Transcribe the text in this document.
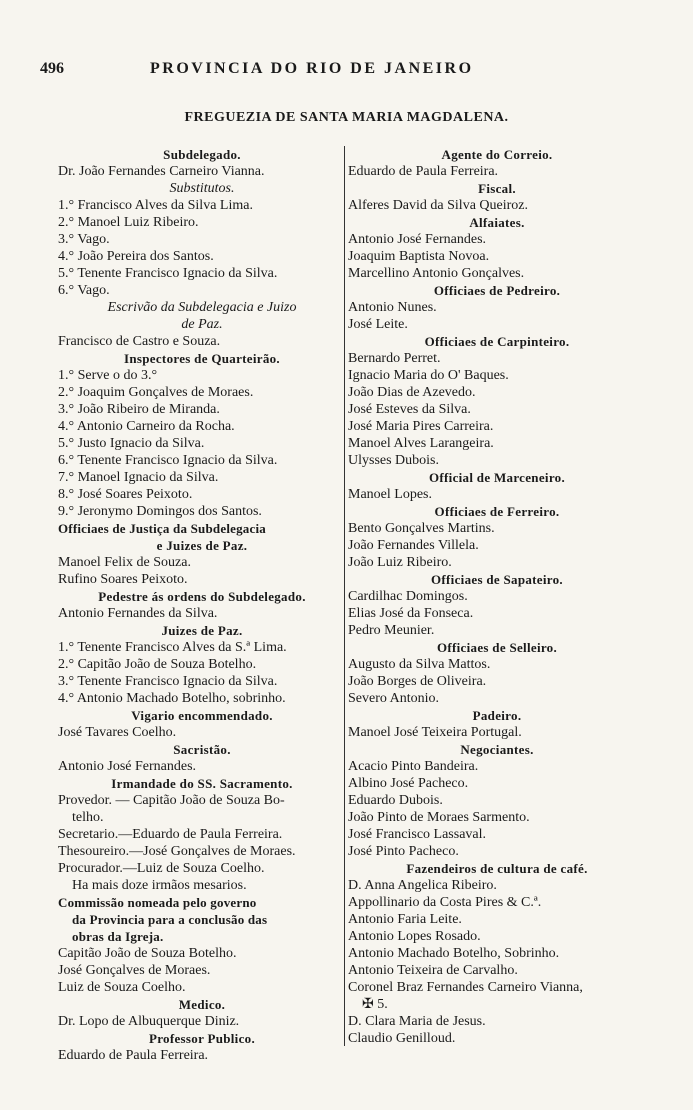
496	PROVINCIA DO RIO DE JANEIRO
FREGUEZIA DE SANTA MARIA MAGDALENA.
Subdelegado.
Dr. João Fernandes Carneiro Vianna.
Substitutos.
1.° Francisco Alves da Silva Lima.
2.° Manoel Luiz Ribeiro.
3.° Vago.
4.° João Pereira dos Santos.
5.° Tenente Francisco Ignacio da Silva.
6.° Vago.
Escrivão da Subdelegacia e Juizo
de Paz.
Francisco de Castro e Souza.
Inspectores de Quarteirão.
1.° Serve o do 3.°
2.° Joaquim Gonçalves de Moraes.
3.° João Ribeiro de Miranda.
4.° Antonio Carneiro da Rocha.
5.° Justo Ignacio da Silva.
6.° Tenente Francisco Ignacio da Silva.
7.° Manoel Ignacio da Silva.
8.° José Soares Peixoto.
9.° Jeronymo Domingos dos Santos.
Officiaes de Justiça da Subdelegacia
e Juizes de Paz.
Manoel Felix de Souza.
Rufino Soares Peixoto.
Pedestre ás ordens do Subdelegado.
Antonio Fernandes da Silva.
Juizes de Paz.
1.° Tenente Francisco Alves da S.ª Lima.
2.° Capitão João de Souza Botelho.
3.° Tenente Francisco Ignacio da Silva.
4.° Antonio Machado Botelho, sobrinho.
Vigario encommendado.
José Tavares Coelho.
Sacristão.
Antonio José Fernandes.
Irmandade do SS. Sacramento.
Provedor. — Capitão João de Souza Bo-
telho.
Secretario.—Eduardo de Paula Ferreira.
Thesoureiro.—José Gonçalves de Moraes.
Procurador.—Luiz de Souza Coelho.
Ha mais doze irmãos mesarios.
Commissão nomeada pelo governo
da Provincia para a conclusão das
obras da Igreja.
Capitão João de Souza Botelho.
José Gonçalves de Moraes.
Luiz de Souza Coelho.
Medico.
Dr. Lopo de Albuquerque Diniz.
Professor Publico.
Eduardo de Paula Ferreira.
Agente do Correio.
Eduardo de Paula Ferreira.
Fiscal.
Alferes David da Silva Queiroz.
Alfaiates.
Antonio José Fernandes.
Joaquim Baptista Novoa.
Marcellino Antonio Gonçalves.
Officiaes de Pedreiro.
Antonio Nunes.
José Leite.
Officiaes de Carpinteiro.
Bernardo Perret.
Ignacio Maria do O' Baques.
João Dias de Azevedo.
José Esteves da Silva.
José Maria Pires Carreira.
Manoel Alves Larangeira.
Ulysses Dubois.
Official de Marceneiro.
Manoel Lopes.
Officiaes de Ferreiro.
Bento Gonçalves Martins.
João Fernandes Villela.
João Luiz Ribeiro.
Officiaes de Sapateiro.
Cardilhac Domingos.
Elias José da Fonseca.
Pedro Meunier.
Officiaes de Selleiro.
Augusto da Silva Mattos.
João Borges de Oliveira.
Severo Antonio.
Padeiro.
Manoel José Teixeira Portugal.
Negociantes.
Acacio Pinto Bandeira.
Albino José Pacheco.
Eduardo Dubois.
João Pinto de Moraes Sarmento.
José Francisco Lassaval.
José Pinto Pacheco.
Fazendeiros de cultura de café.
D. Anna Angelica Ribeiro.
Appollinario da Costa Pires & C.ª.
Antonio Faria Leite.
Antonio Lopes Rosado.
Antonio Machado Botelho, Sobrinho.
Antonio Teixeira de Carvalho.
Coronel Braz Fernandes Carneiro Vianna,
✠ 5.
D. Clara Maria de Jesus.
Claudio Genilloud.
